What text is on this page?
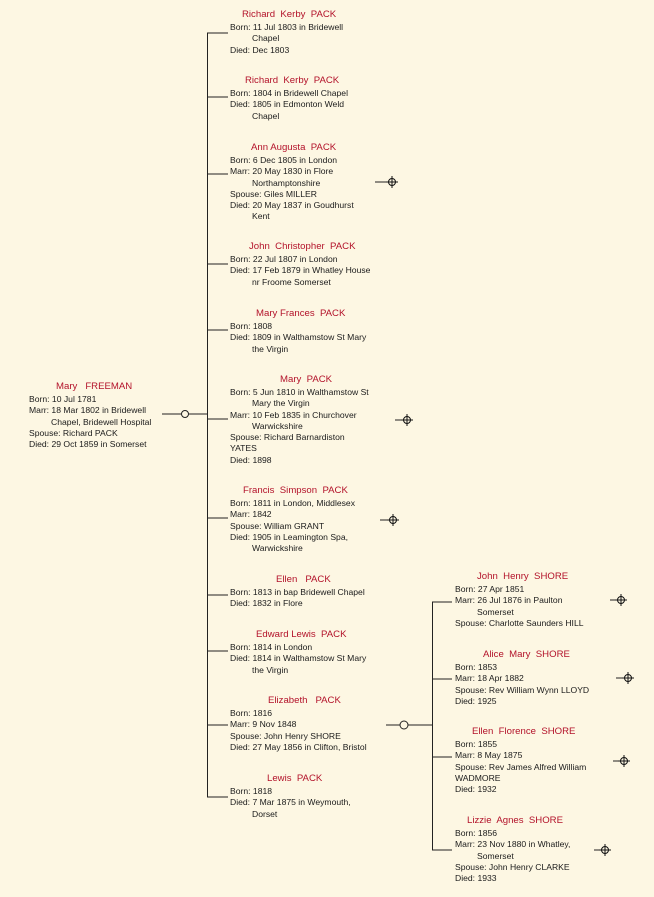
Mary   FREEMAN
Born: 10 Jul 1781
Marr: 18 Mar 1802 in Bridewell
Chapel, Bridewell Hospital
Spouse: Richard PACK
Died: 29 Oct 1859 in Somerset
Richard  Kerby  PACK
Born: 11 Jul 1803 in Bridewell
Chapel
Died: Dec 1803
Richard  Kerby  PACK
Born: 1804 in Bridewell Chapel
Died: 1805 in Edmonton Weld
Chapel
Ann Augusta  PACK
Born: 6 Dec 1805 in London
Marr: 20 May 1830 in Flore
Northamptonshire
Spouse: Giles MILLER
Died: 20 May 1837 in Goudhurst
Kent
John  Christopher  PACK
Born: 22 Jul 1807 in London
Died: 17 Feb 1879 in Whatley House
nr Froome Somerset
Mary Frances  PACK
Born: 1808
Died: 1809 in Walthamstow St Mary
the Virgin
Mary  PACK
Born: 5 Jun 1810 in Walthamstow St
Mary the Virgin
Marr: 10 Feb 1835 in Churchover
Warwickshire
Spouse: Richard Barnardiston
YATES
Died: 1898
Francis  Simpson  PACK
Born: 1811 in London, Middlesex
Marr: 1842
Spouse: William GRANT
Died: 1905 in Leamington Spa,
Warwickshire
Ellen   PACK
Born: 1813 in bap Bridewell Chapel
Died: 1832 in Flore
Edward Lewis  PACK
Born: 1814 in London
Died: 1814 in Walthamstow St Mary
the Virgin
Elizabeth   PACK
Born: 1816
Marr: 9 Nov 1848
Spouse: John Henry SHORE
Died: 27 May 1856 in Clifton, Bristol
Lewis  PACK
Born: 1818
Died: 7 Mar 1875 in Weymouth,
Dorset
John  Henry  SHORE
Born: 27 Apr 1851
Marr: 26 Jul 1876 in Paulton
Somerset
Spouse: Charlotte Saunders HILL
Alice  Mary  SHORE
Born: 1853
Marr: 18 Apr 1882
Spouse: Rev William Wynn LLOYD
Died: 1925
Ellen  Florence  SHORE
Born: 1855
Marr: 8 May 1875
Spouse: Rev James Alfred William
WADMORE
Died: 1932
Lizzie  Agnes  SHORE
Born: 1856
Marr: 23 Nov 1880 in Whatley,
Somerset
Spouse: John Henry CLARKE
Died: 1933
